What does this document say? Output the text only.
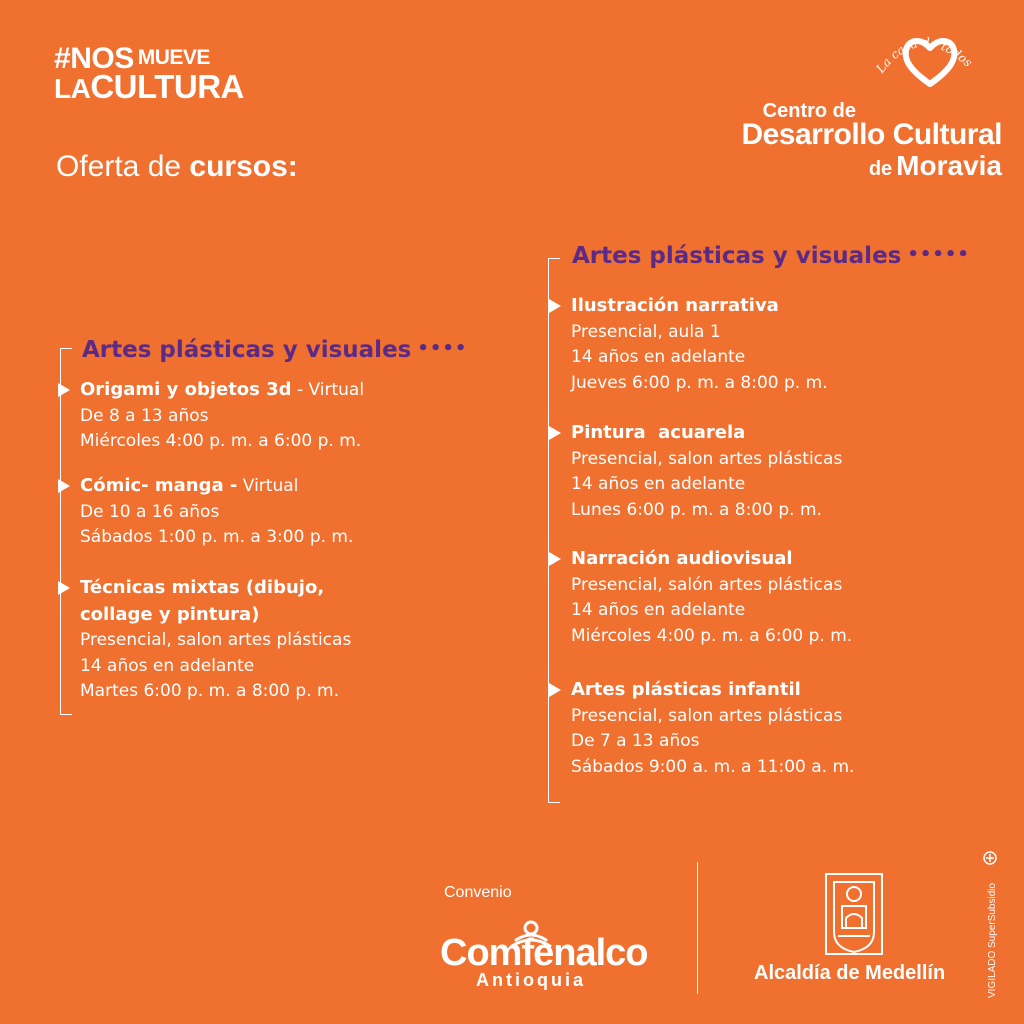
#NOS MUEVE
LACULTURA	La casa de todos
Centro de
Desarrollo Cultural
de Moravia
Oferta de cursos:
Artes plásticas y visuales ••••
Origami y objetos 3d - Virtual
De 8 a 13 años
Miércoles 4:00 p. m. a 6:00 p. m.
Cómic- manga - Virtual
De 10 a 16 años
Sábados 1:00 p. m. a 3:00 p. m.
Técnicas mixtas (dibujo,
collage y pintura)
Presencial, salon artes plásticas
14 años en adelante
Martes 6:00 p. m. a 8:00 p. m.
Artes plásticas y visuales •••••
Ilustración narrativa
Presencial, aula 1
14 años en adelante
Jueves 6:00 p. m. a 8:00 p. m.
Pintura  acuarela
Presencial, salon artes plásticas
14 años en adelante
Lunes 6:00 p. m. a 8:00 p. m.
Narración audiovisual
Presencial, salón artes plásticas
14 años en adelante
Miércoles 4:00 p. m. a 6:00 p. m.
Artes plásticas infantil
Presencial, salon artes plásticas
De 7 a 13 años
Sábados 9:00 a. m. a 11:00 a. m.
Convenio
Comfenalco
Antioquia	Alcaldía de Medellín	VIGILADO SuperSubsidio
